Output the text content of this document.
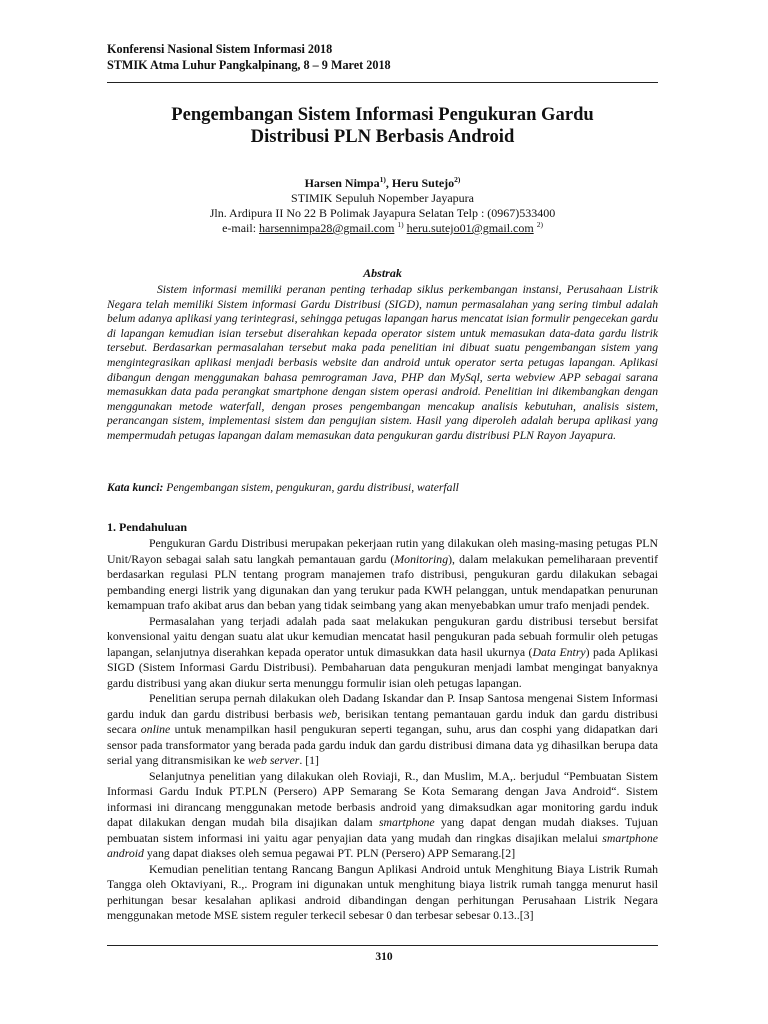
Konferensi Nasional Sistem Informasi 2018
STMIK Atma Luhur Pangkalpinang, 8 – 9 Maret 2018
Pengembangan Sistem Informasi Pengukuran Gardu
Distribusi PLN Berbasis Android
Harsen Nimpa$^{1)}$, Heru Sutejo$^{2)}$
STIMIK Sepuluh Nopember Jayapura
Jln. Ardipura II No 22 B Polimak Jayapura Selatan Telp : (0967)533400
e-mail: harsennimpa28@gmail.com $^{1)}$ heru.sutejo01@gmail.com $^{2)}$
Abstrak
Sistem informasi memiliki peranan penting terhadap siklus perkembangan instansi, Perusahaan Listrik Negara telah memiliki Sistem informasi Gardu Distribusi (SIGD), namun permasalahan yang sering timbul adalah belum adanya aplikasi yang terintegrasi, sehingga petugas lapangan harus mencatat isian formulir pengecekan gardu di lapangan kemudian isian tersebut diserahkan kepada operator sistem untuk memasukan data-data gardu listrik tersebut. Berdasarkan permasalahan tersebut maka pada penelitian ini dibuat suatu pengembangan sistem yang mengintegrasikan aplikasi menjadi berbasis website dan android untuk operator serta petugas lapangan. Aplikasi dibangun dengan menggunakan bahasa pemrograman Java, PHP dan MySql, serta webview APP sebagai sarana memasukkan data pada perangkat smartphone dengan sistem operasi android. Penelitian ini dikembangkan dengan menggunakan metode waterfall, dengan proses pengembangan mencakup analisis kebutuhan, analisis sistem, perancangan sistem, implementasi sistem dan pengujian sistem. Hasil yang diperoleh adalah berupa aplikasi yang mempermudah petugas lapangan dalam memasukan data pengukuran gardu distribusi PLN Rayon Jayapura.
Kata kunci: Pengembangan sistem, pengukuran, gardu distribusi, waterfall
1. Pendahuluan

Pengukuran Gardu Distribusi merupakan pekerjaan rutin yang dilakukan oleh masing-masing petugas PLN Unit/Rayon sebagai salah satu langkah pemantauan gardu (Monitoring), dalam melakukan pemeliharaan preventif berdasarkan regulasi PLN tentang program manajemen trafo distribusi, pengukuran gardu dilakukan sebagai pembanding energi listrik yang digunakan dan yang terukur pada KWH pelanggan, untuk mendapatkan penurunan kemampuan trafo akibat arus dan beban yang tidak seimbang yang akan menyebabkan umur trafo menjadi pendek.

Permasalahan yang terjadi adalah pada saat melakukan pengukuran gardu distribusi tersebut bersifat konvensional yaitu dengan suatu alat ukur kemudian mencatat hasil pengukuran pada sebuah formulir oleh petugas lapangan, selanjutnya diserahkan kepada operator untuk dimasukkan data hasil ukurnya (Data Entry) pada Aplikasi SIGD (Sistem Informasi Gardu Distribusi). Pembaharuan data pengukuran menjadi lambat mengingat banyaknya gardu distribusi yang akan diukur serta menunggu formulir isian oleh petugas lapangan.

Penelitian serupa pernah dilakukan oleh Dadang Iskandar dan P. Insap Santosa mengenai Sistem Informasi gardu induk dan gardu distribusi berbasis web, berisikan tentang pemantauan gardu induk dan gardu distribusi secara online untuk menampilkan hasil pengukuran seperti tegangan, suhu, arus dan cosphi yang didapatkan dari sensor pada transformator yang berada pada gardu induk dan gardu distribusi dimana data yg dihasilkan berupa data serial yang ditransmisikan ke web server. [1]

Selanjutnya penelitian yang dilakukan oleh Roviaji, R., dan Muslim, M.A,. berjudul “Pembuatan Sistem Informasi Gardu Induk PT.PLN (Persero) APP Semarang Se Kota Semarang dengan Java Android“. Sistem informasi ini dirancang menggunakan metode berbasis android yang dimaksudkan agar monitoring gardu induk dapat dilakukan dengan mudah bila disajikan dalam smartphone yang dapat dengan mudah diakses. Tujuan pembuatan sistem informasi ini yaitu agar penyajian data yang mudah dan ringkas disajikan melalui smartphone android yang dapat diakses oleh semua pegawai PT. PLN (Persero) APP Semarang.[2]

Kemudian penelitian tentang Rancang Bangun Aplikasi Android untuk Menghitung Biaya Listrik Rumah Tangga oleh Oktaviyani, R.,. Program ini digunakan untuk menghitung biaya listrik rumah tangga menurut hasil perhitungan besar kesalahan aplikasi android dibandingan dengan perhitungan Perusahaan Listrik Negara menggunakan metode MSE sistem reguler terkecil sebesar 0 dan terbesar sebesar 0.13..[3]

310
